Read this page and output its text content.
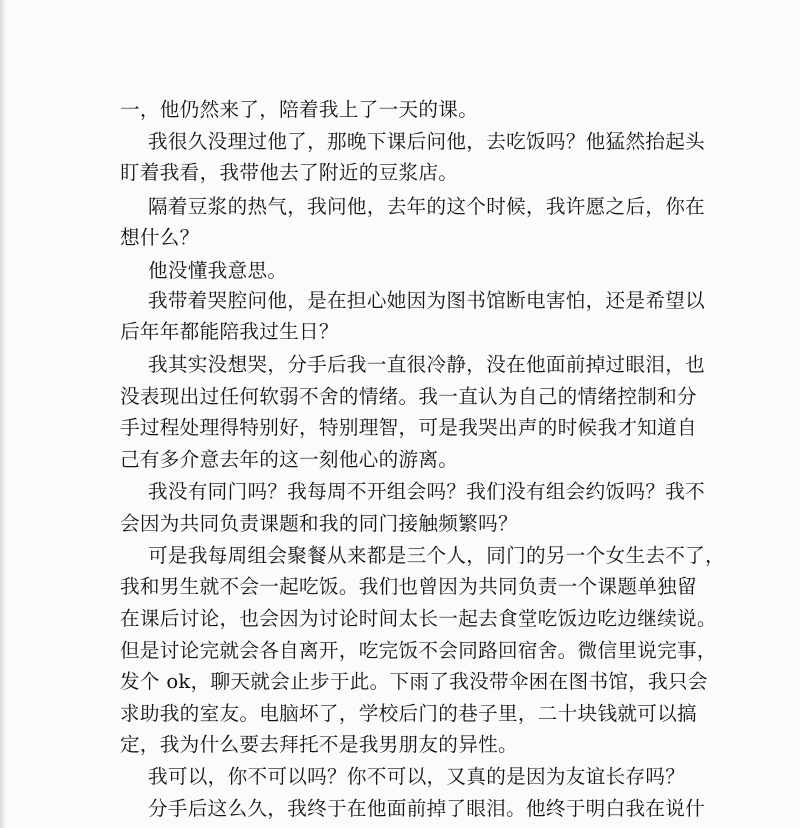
一，他仍然来了，陪着我上了一天的课。
我很久没理过他了，那晚下课后问他，去吃饭吗？他猛然抬起头
盯着我看，我带他去了附近的豆浆店。
隔着豆浆的热气，我问他，去年的这个时候，我许愿之后，你在
想什么？
他没懂我意思。
我带着哭腔问他，是在担心她因为图书馆断电害怕，还是希望以
后年年都能陪我过生日？
我其实没想哭，分手后我一直很冷静，没在他面前掉过眼泪，也
没表现出过任何软弱不舍的情绪。我一直认为自己的情绪控制和分
手过程处理得特别好，特别理智，可是我哭出声的时候我才知道自
己有多介意去年的这一刻他心的游离。
我没有同门吗？我每周不开组会吗？我们没有组会约饭吗？我不
会因为共同负责课题和我的同门接触频繁吗？
可是我每周组会聚餐从来都是三个人，同门的另一个女生去不了，
我和男生就不会一起吃饭。我们也曾因为共同负责一个课题单独留
在课后讨论，也会因为讨论时间太长一起去食堂吃饭边吃边继续说。
但是讨论完就会各自离开，吃完饭不会同路回宿舍。微信里说完事，
发个 ok，聊天就会止步于此。下雨了我没带伞困在图书馆，我只会
求助我的室友。电脑坏了，学校后门的巷子里，二十块钱就可以搞
定，我为什么要去拜托不是我男朋友的异性。
我可以，你不可以吗？你不可以，又真的是因为友谊长存吗？
分手后这么久，我终于在他面前掉了眼泪。他终于明白我在说什
